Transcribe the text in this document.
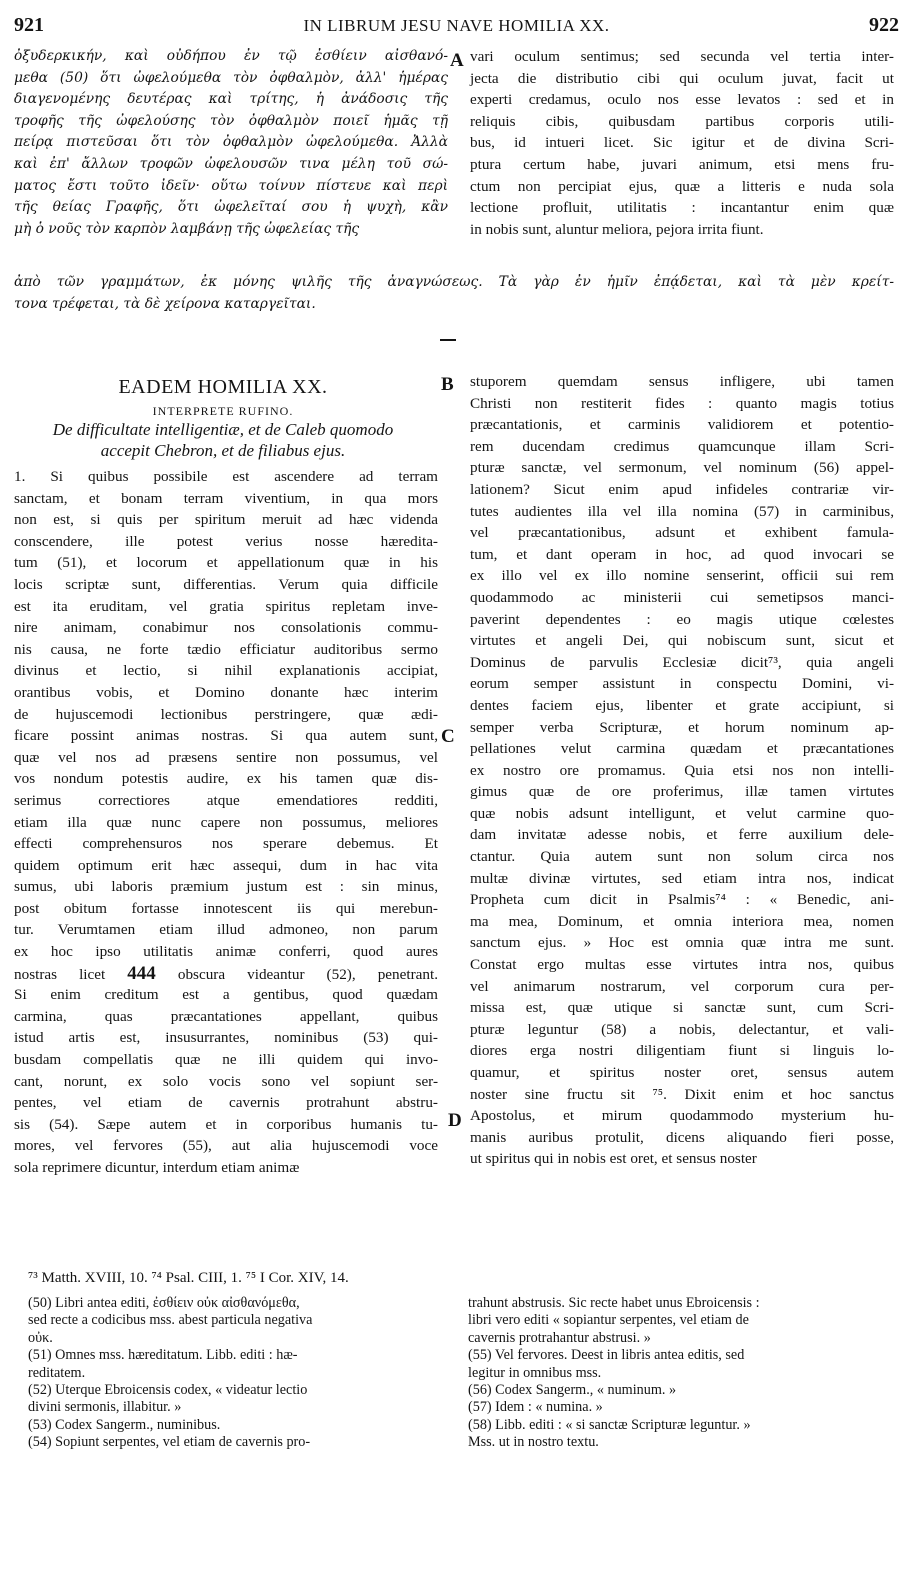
921	IN LIBRUM JESU NAVE HOMILIA XX.	922
ὀξυδερκικήν, καὶ οὐδήπου ἐν τῷ ἐσθίειν αἰσθανό-
μεθα (50) ὅτι ὠφελούμεθα τὸν ὀφθαλμὸν, ἀλλ' ἡμέρας
διαγενομένης δευτέρας καὶ τρίτης, ἡ ἀνάδοσις τῆς
τροφῆς τῆς ὠφελούσης τὸν ὀφθαλμὸν ποιεῖ ἡμᾶς τῇ
πείρᾳ πιστεῦσαι ὅτι τὸν ὀφθαλμὸν ὠφελούμεθα. Ἀλλὰ
καὶ ἐπ' ἄλλων τροφῶν ὠφελουσῶν τινα μέλη τοῦ σώ-
ματος ἔστι τοῦτο ἰδεῖν· οὕτω τοίνυν πίστευε καὶ περὶ
τῆς θείας Γραφῆς, ὅτι ὠφελεῖταί σου ἡ ψυχὴ, κἂν
μὴ ὁ νοῦς τὸν καρπὸν λαμβάνῃ τῆς ὠφελείας τῆς
A vari oculum sentimus; sed secunda vel tertia inter-
jecta die distributio cibi qui oculum juvat, facit ut
experti credamus, oculo nos esse levatos : sed et in
reliquis cibis, quibusdam partibus corporis utili-
bus, id intueri licet. Sic igitur et de divina Scri-
ptura certum habe, juvari animum, etsi mens fru-
ctum non percipiat ejus, quæ a litteris e nuda sola
lectione profluit, utilitatis : incantantur enim quæ
in nobis sunt, aluntur meliora, pejora irrita fiunt.
ἀπὸ τῶν γραμμάτων, ἐκ μόνης ψιλῆς τῆς ἀναγνώσεως. Τὰ γὰρ ἐν ἡμῖν ἐπᾴδεται, καὶ τὰ μὲν κρείτ-
τονα τρέφεται, τὰ δὲ χείρονα καταργεῖται.
EADEM HOMILIA XX.
INTERPRETE RUFINO.
De difficultate intelligentiæ, et de Caleb quomodo
accepit Chebron, et de filiabus ejus.
B
C
D
1. Si quibus possibile est ascendere ad terram
sanctam, et bonam terram viventium, in qua mors
non est, si quis per spiritum meruit ad hæc videnda
conscendere, ille potest verius nosse hæredita-
tum (51), et locorum et appellationum quæ in his
locis scriptæ sunt, differentias. Verum quia difficile
est ita eruditam, vel gratia spiritus repletam inve-
nire animam, conabimur nos consolationis commu-
nis causa, ne forte tædio efficiatur auditoribus sermo
divinus et lectio, si nihil explanationis accipiat,
orantibus vobis, et Domino donante hæc interim
de hujuscemodi lectionibus perstringere, quæ ædi-
ficare possint animas nostras. Si qua autem sunt,
quæ vel nos ad præsens sentire non possumus, vel
vos nondum potestis audire, ex his tamen quæ dis-
serimus correctiores atque emendatiores redditi,
etiam illa quæ nunc capere non possumus, meliores
effecti comprehensuros nos sperare debemus. Et
quidem optimum erit hæc assequi, dum in hac vita
sumus, ubi laboris præmium justum est : sin minus,
post obitum fortasse innotescent iis qui merebun-
tur. Verumtamen etiam illud admoneo, non parum
ex hoc ipso utilitatis animæ conferri, quod aures
nostras licet 444 obscura videantur (52), penetrant.
Si enim creditum est a gentibus, quod quædam
carmina, quas præcantationes appellant, quibus
istud artis est, insusurrantes, nominibus (53) qui-
busdam compellatis quæ ne illi quidem qui invo-
cant, norunt, ex solo vocis sono vel sopiunt ser-
pentes, vel etiam de cavernis protrahunt abstru-
sis (54). Sæpe autem et in corporibus humanis tu-
mores, vel fervores (55), aut alia hujuscemodi voce
sola reprimere dicuntur, interdum etiam animæ
stuporem quemdam sensus infligere, ubi tamen
Christi non restiterit fides : quanto magis totius
præcantationis, et carminis validiorem et potentio-
rem ducendam credimus quamcunque illam Scri-
pturæ sanctæ, vel sermonum, vel nominum (56) appel-
lationem? Sicut enim apud infideles contrariæ vir-
tutes audientes illa vel illa nomina (57) in carminibus,
vel præcantationibus, adsunt et exhibent famula-
tum, et dant operam in hoc, ad quod invocari se
ex illo vel ex illo nomine senserint, officii sui rem
quodammodo ac ministerii cui semetipsos manci-
paverint dependentes : eo magis utique cœlestes
virtutes et angeli Dei, qui nobiscum sunt, sicut et
Dominus de parvulis Ecclesiæ dicit⁷³, quia angeli
eorum semper assistunt in conspectu Domini, vi-
dentes faciem ejus, libenter et grate accipiunt, si
semper verba Scripturæ, et horum nominum ap-
pellationes velut carmina quædam et præcantationes
ex nostro ore promamus. Quia etsi nos non intelli-
gimus quæ de ore proferimus, illæ tamen virtutes
quæ nobis adsunt intelligunt, et velut carmine quo-
dam invitatæ adesse nobis, et ferre auxilium dele-
ctantur. Quia autem sunt non solum circa nos
multæ divinæ virtutes, sed etiam intra nos, indicat
Propheta cum dicit in Psalmis⁷⁴ : « Benedic, ani-
ma mea, Dominum, et omnia interiora mea, nomen
sanctum ejus. » Hoc est omnia quæ intra me sunt.
Constat ergo multas esse virtutes intra nos, quibus
vel animarum nostrarum, vel corporum cura per-
missa est, quæ utique si sanctæ sunt, cum Scri-
pturæ leguntur (58) a nobis, delectantur, et vali-
diores erga nostri diligentiam fiunt si linguis lo-
quamur, et spiritus noster oret, sensus autem
noster sine fructu sit ⁷⁵. Dixit enim et hoc sanctus
Apostolus, et mirum quodammodo mysterium hu-
manis auribus protulit, dicens aliquando fieri posse,
ut spiritus qui in nobis est oret, et sensus noster
⁷³ Matth. XVIII, 10. ⁷⁴ Psal. CIII, 1. ⁷⁵ I Cor. XIV, 14.
(50) Libri antea editi, ἐσθίειν οὐκ αἰσθανόμεθα,
sed recte a codicibus mss. abest particula negativa
οὐκ.
(51) Omnes mss. hæreditatum. Libb. editi : hæ-
reditatem.
(52) Uterque Ebroicensis codex, « videatur lectio
divini sermonis, illabitur. »
(53) Codex Sangerm., numinibus.
(54) Sopiunt serpentes, vel etiam de cavernis pro-
trahunt abstrusis. Sic recte habet unus Ebroicensis :
libri vero editi « sopiantur serpentes, vel etiam de
cavernis protrahantur abstrusi. »
(55) Vel fervores. Deest in libris antea editis, sed
legitur in omnibus mss.
(56) Codex Sangerm., « numinum. »
(57) Idem : « numina. »
(58) Libb. editi : « si sanctæ Scripturæ leguntur. »
Mss. ut in nostro textu.
